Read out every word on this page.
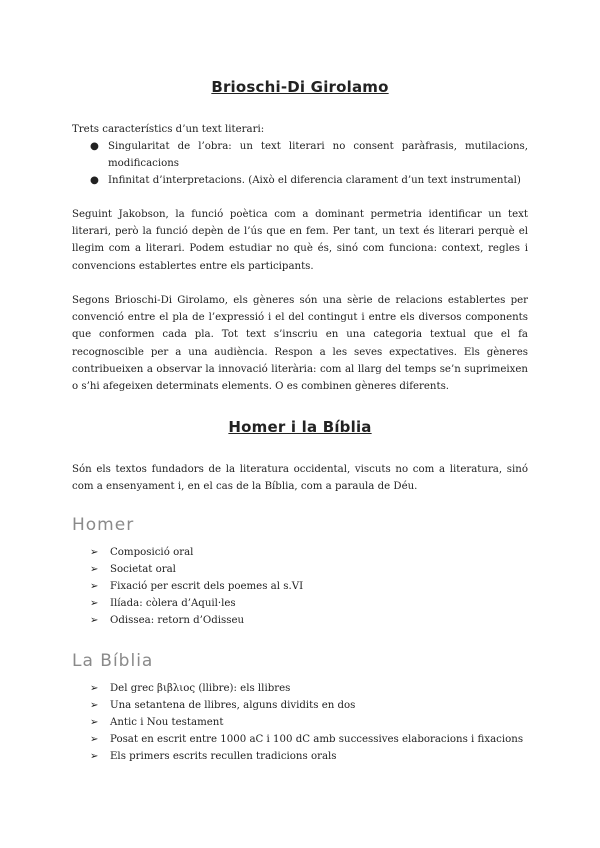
Brioschi-Di Girolamo
Trets característics d’un text literari:
● Singularitat de l’obra: un text literari no consent paràfrasis, mutilacions, modificacions
● Infinitat d’interpretacions. (Això el diferencia clarament d’un text instrumental)
Seguint Jakobson, la funció poètica com a dominant permetria identificar un text literari, però la funció depèn de l’ús que en fem. Per tant, un text és literari perquè el llegim com a literari. Podem estudiar no què és, sinó com funciona: context, regles i convencions establertes entre els participants.
Segons Brioschi-Di Girolamo, els gèneres són una sèrie de relacions establertes per convenció entre el pla de l’expressió i el del contingut i entre els diversos components que conformen cada pla. Tot text s’inscriu en una categoria textual que el fa recognoscible per a una audiència. Respon a les seves expectatives. Els gèneres contribueixen a observar la innovació literària: com al llarg del temps se’n suprimeixen o s’hi afegeixen determinats elements. O es combinen gèneres diferents.
Homer i la Bíblia
Són els textos fundadors de la literatura occidental, viscuts no com a literatura, sinó com a ensenyament i, en el cas de la Bíblia, com a paraula de Déu.
Homer
➢ Composició oral
➢ Societat oral
➢ Fixació per escrit dels poemes al s.VI
➢ Ilíada: còlera d’Aquil·les
➢ Odissea: retorn d’Odisseu
La Bíblia
➢ Del grec βιβλιος (llibre): els llibres
➢ Una setantena de llibres, alguns dividits en dos
➢ Antic i Nou testament
➢ Posat en escrit entre 1000 aC i 100 dC amb successives elaboracions i fixacions
➢ Els primers escrits recullen tradicions orals
